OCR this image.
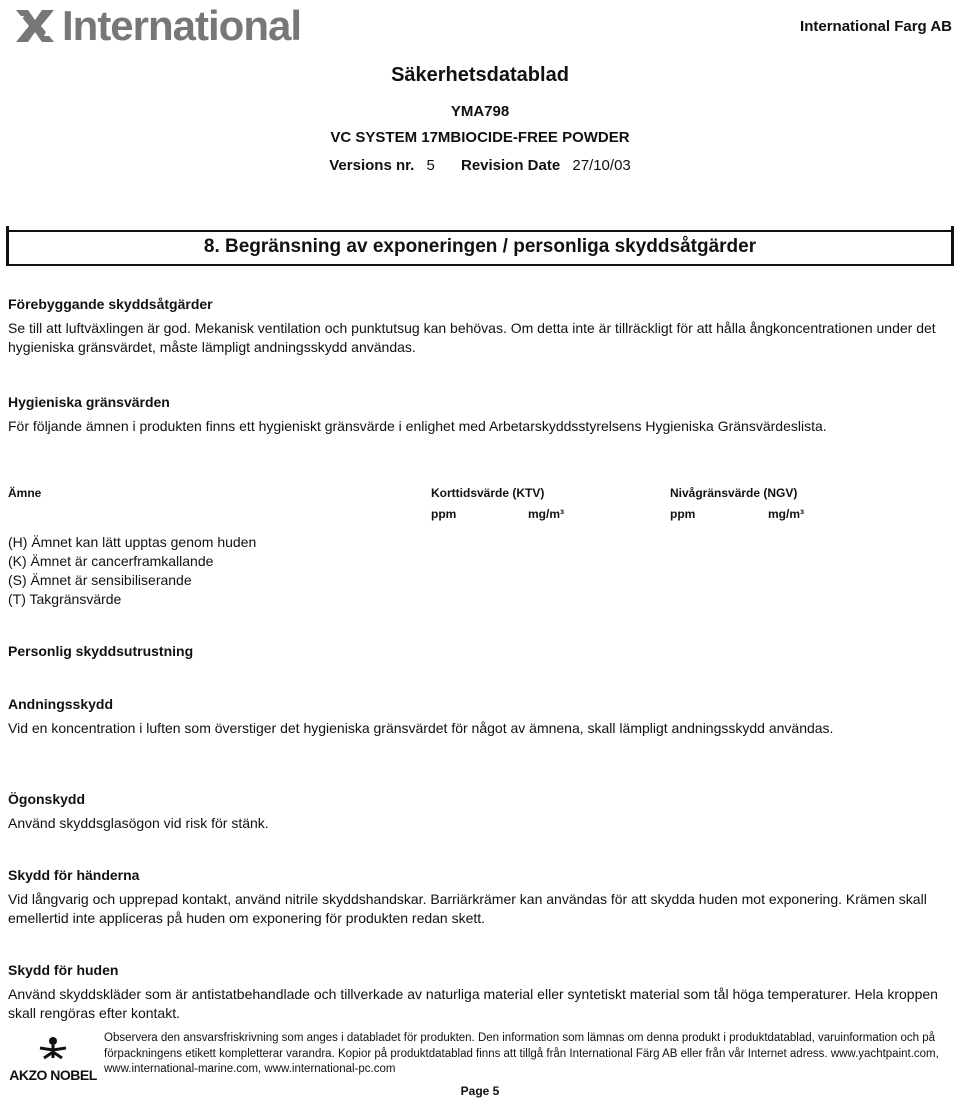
International	International Farg AB
Säkerhetsdatablad
YMA798
VC SYSTEM 17MBIOCIDE-FREE POWDER
Versions nr. 5 Revision Date 27/10/03
8. Begränsning av exponeringen / personliga skyddsåtgärder
Förebyggande skyddsåtgärder
Se till att luftväxlingen är god. Mekanisk ventilation och punktutsug kan behövas. Om detta inte är tillräckligt för att hålla ångkoncentrationen under det hygieniska gränsvärdet, måste lämpligt andningsskydd användas.
Hygieniska gränsvärden
För följande ämnen i produkten finns ett hygieniskt gränsvärde i enlighet med Arbetarskyddsstyrelsens Hygieniska Gränsvärdeslista.
Ämne	Korttidsvärde (KTV)	Nivågränsvärde (NGV)
ppm	mg/m³	ppm	mg/m³
(H) Ämnet kan lätt upptas genom huden
(K) Ämnet är cancerframkallande
(S) Ämnet är sensibiliserande
(T) Takgränsvärde
Personlig skyddsutrustning
Andningsskydd
Vid en koncentration i luften som överstiger det hygieniska gränsvärdet för något av ämnena, skall lämpligt andningsskydd användas.
Ögonskydd
Använd skyddsglasögon vid risk för stänk.
Skydd för händerna
Vid långvarig och upprepad kontakt, använd nitrile skyddshandskar. Barriärkrämer kan användas för att skydda huden mot exponering. Krämen skall emellertid inte appliceras på huden om exponering för produkten redan skett.
Skydd för huden
Använd skyddskläder som är antistatbehandlade och tillverkade av naturliga material eller syntetiskt material som tål höga temperaturer. Hela kroppen skall rengöras efter kontakt.
AKZO NOBEL
Observera den ansvarsfriskrivning som anges i databladet för produkten. Den information som lämnas om denna produkt i produktdatablad, varuinformation och på förpackningens etikett kompletterar varandra. Kopior på produktdatablad finns att tillgå från International Färg AB eller från vår Internet adress. www.yachtpaint.com, www.international-marine.com, www.international-pc.com
Page 5
